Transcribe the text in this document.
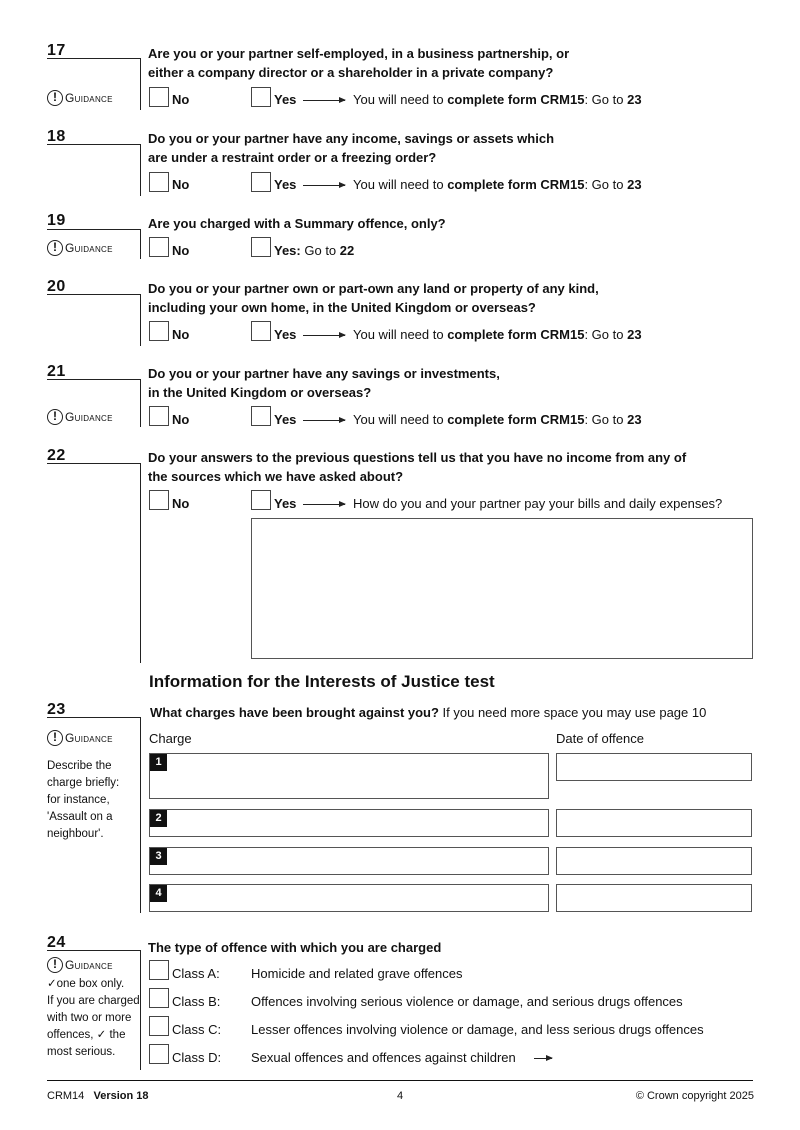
17	Are you or your partner self-employed, in a business partnership, or
either a company director or a shareholder in a private company?
! Guidance	No	Yes	You will need to complete form CRM15: Go to 23
18	Do you or your partner have any income, savings or assets which
are under a restraint order or a freezing order?
No	Yes	You will need to complete form CRM15: Go to 23
19	Are you charged with a Summary offence, only?
! Guidance	No	Yes: Go to 22
20	Do you or your partner own or part-own any land or property of any kind,
including your own home, in the United Kingdom or overseas?
No	Yes	You will need to complete form CRM15: Go to 23
21	Do you or your partner have any savings or investments,
in the United Kingdom or overseas?
! Guidance	No	Yes	You will need to complete form CRM15: Go to 23
22	Do your answers to the previous questions tell us that you have no income from any of
the sources which we have asked about?
No	Yes	How do you and your partner pay your bills and daily expenses?
Information for the Interests of Justice test
23	What charges have been brought against you? If you need more space you may use page 10
! Guidance
Describe the
charge briefly:
for instance,
'Assault on a
neighbour'.
Charge	Date of offence
1
2
3
4
24	The type of offence with which you are charged
! Guidance
✓one box only.
If you are charged
with two or more
offences, ✓ the
most serious.
Class A: Homicide and related grave offences
Class B: Offences involving serious violence or damage, and serious drugs offences
Class C: Lesser offences involving violence or damage, and less serious drugs offences
Class D: Sexual offences and offences against children
CRM14 Version 18	4	© Crown copyright 2025
